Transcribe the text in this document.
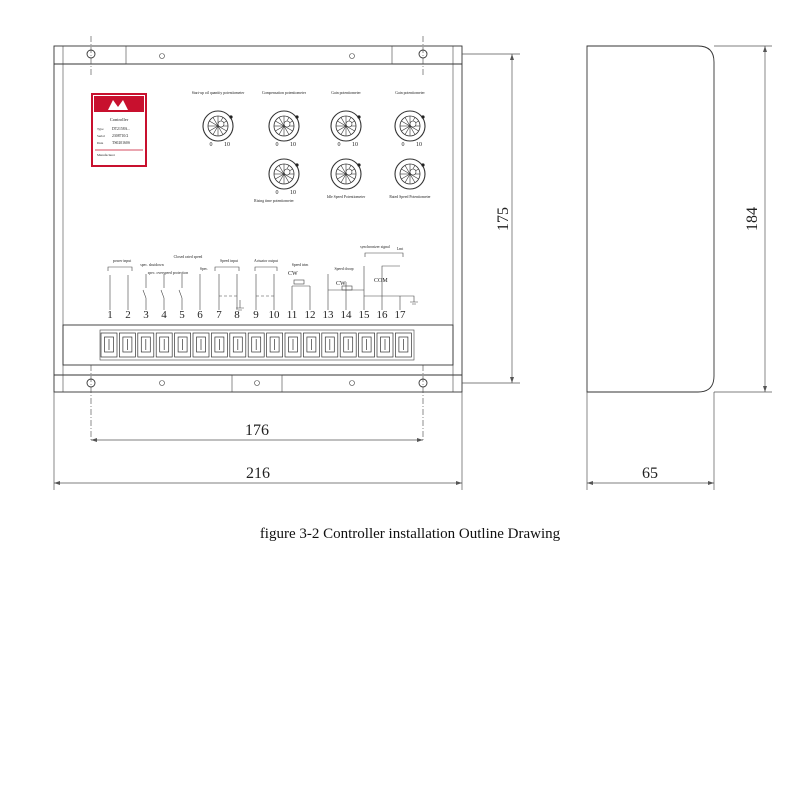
Controller
Type DT2158A...
Serial 2308710/2
Date TS020160S
Manufacturer
Start-up oil quantity potentiometer
0 10
Compensation potentiometer
0 10
Gain potentiometer
0 10
Gain potentiometer
0 10
0 10
Rising time potentiometer
Idle Speed Potentiometer	Rated Speed Potentiometer
power input
spec. shutdown
spec. overspeed protection
Closed rated speed
Spec.
Speed input	Actuator output
Speed trim
Speed droop
synchronizer signal Lmt
CW
CW	COM
1 2 3 4 5 6 7 8 9 10 11 12 13 14 15 16 17
216
176
175
65
184
figure 3-2 Controller installation Outline Drawing
